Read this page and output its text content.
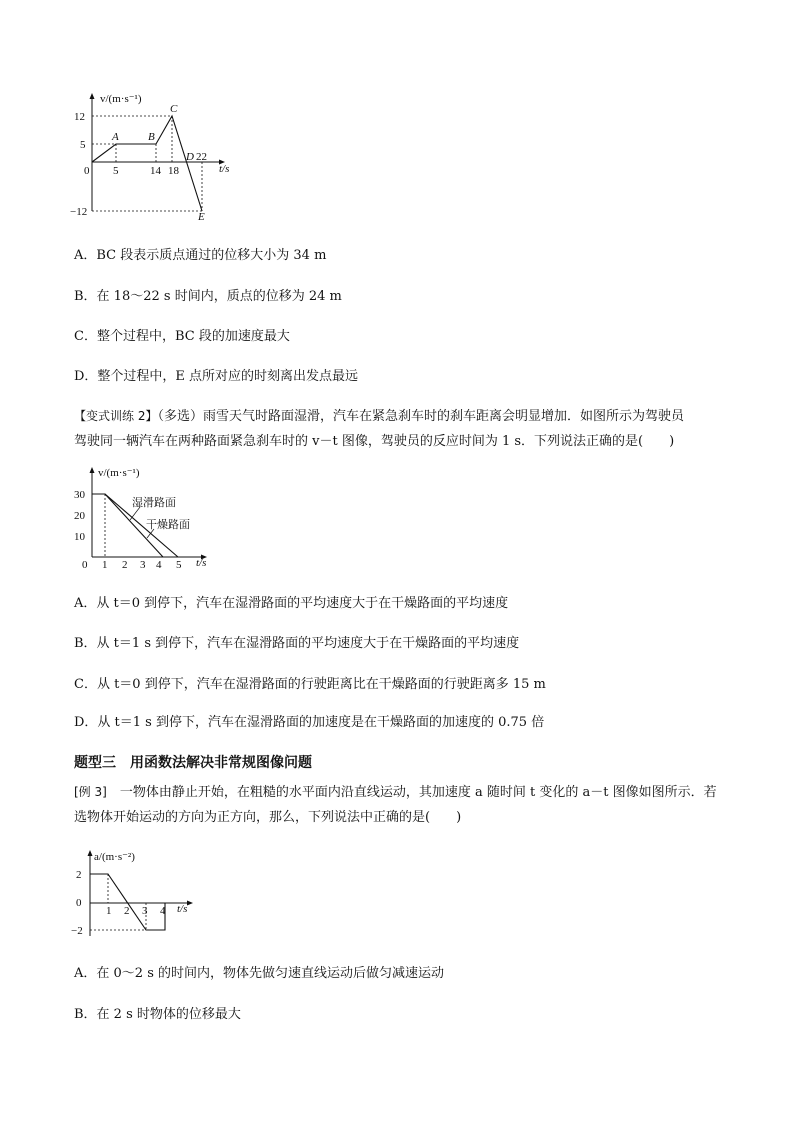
v/(m·s⁻¹)
t/s
12
5
0
−12
5	14 18
A	B
C
D 22
E
A．BC 段表示质点通过的位移大小为 34 m
B．在 18～22 s 时间内，质点的位移为 24 m
C．整个过程中，BC 段的加速度最大
D．整个过程中，E 点所对应的时刻离出发点最远
【变式训练 2】（多选）雨雪天气时路面湿滑，汽车在紧急刹车时的刹车距离会明显增加．如图所示为驾驶员
驾驶同一辆汽车在两种路面紧急刹车时的 v－t 图像，驾驶员的反应时间为 1 s．下列说法正确的是(　　)
v/(m·s⁻¹)
t/s
30
20
10
0 1 2 3 4 5
湿滑路面
干燥路面
A．从 t＝0 到停下，汽车在湿滑路面的平均速度大于在干燥路面的平均速度
B．从 t＝1 s 到停下，汽车在湿滑路面的平均速度大于在干燥路面的平均速度
C．从 t＝0 到停下，汽车在湿滑路面的行驶距离比在干燥路面的行驶距离多 15 m
D．从 t＝1 s 到停下，汽车在湿滑路面的加速度是在干燥路面的加速度的 0.75 倍
题型三　用函数法解决非常规图像问题
[例 3]　 一物体由静止开始，在粗糙的水平面内沿直线运动，其加速度 a 随时间 t 变化的 a－t 图像如图所示．若
选物体开始运动的方向为正方向，那么，下列说法中正确的是(　　)
a/(m·s⁻²)
t/s
2
0
−2
1 2 3 4
A．在 0～2 s 的时间内，物体先做匀速直线运动后做匀减速运动
B．在 2 s 时物体的位移最大
